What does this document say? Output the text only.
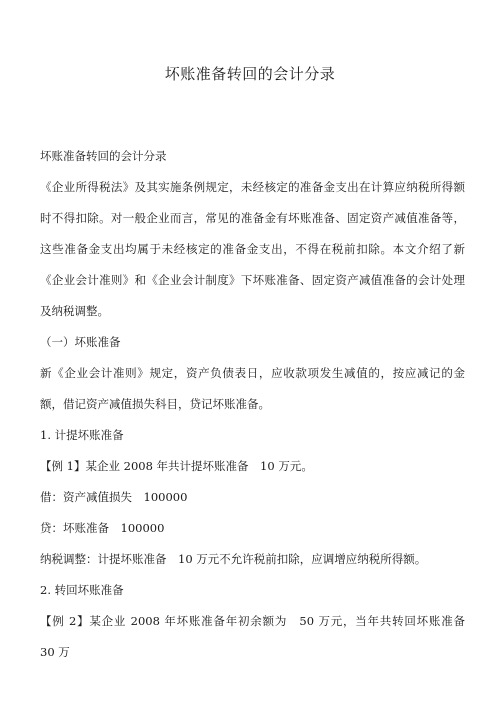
坏账准备转回的会计分录

坏账准备转回的会计分录

《企业所得税法》及其实施条例规定，未经核定的准备金支出在计算应纳税所得额时不得扣除。对一般企业而言，常见的准备金有坏账准备、固定资产减值准备等，这些准备金支出均属于未经核定的准备金支出，不得在税前扣除。本文介绍了新《企业会计准则》和《企业会计制度》下坏账准备、固定资产减值准备的会计处理及纳税调整。

（一）坏账准备

新《企业会计准则》规定，资产负债表日，应收款项发生减值的，按应减记的金额，借记资产减值损失科目，贷记坏账准备。

1. 计提坏账准备

【例 1】某企业 2008 年共计提坏账准备　10 万元。

借：资产减值损失　100000

贷：坏账准备　100000

纳税调整：计提坏账准备　10 万元不允许税前扣除，应调增应纳税所得额。

2. 转回坏账准备

【例 2】某企业 2008 年坏账准备年初余额为　50 万元，当年共转回坏账准备　30 万
